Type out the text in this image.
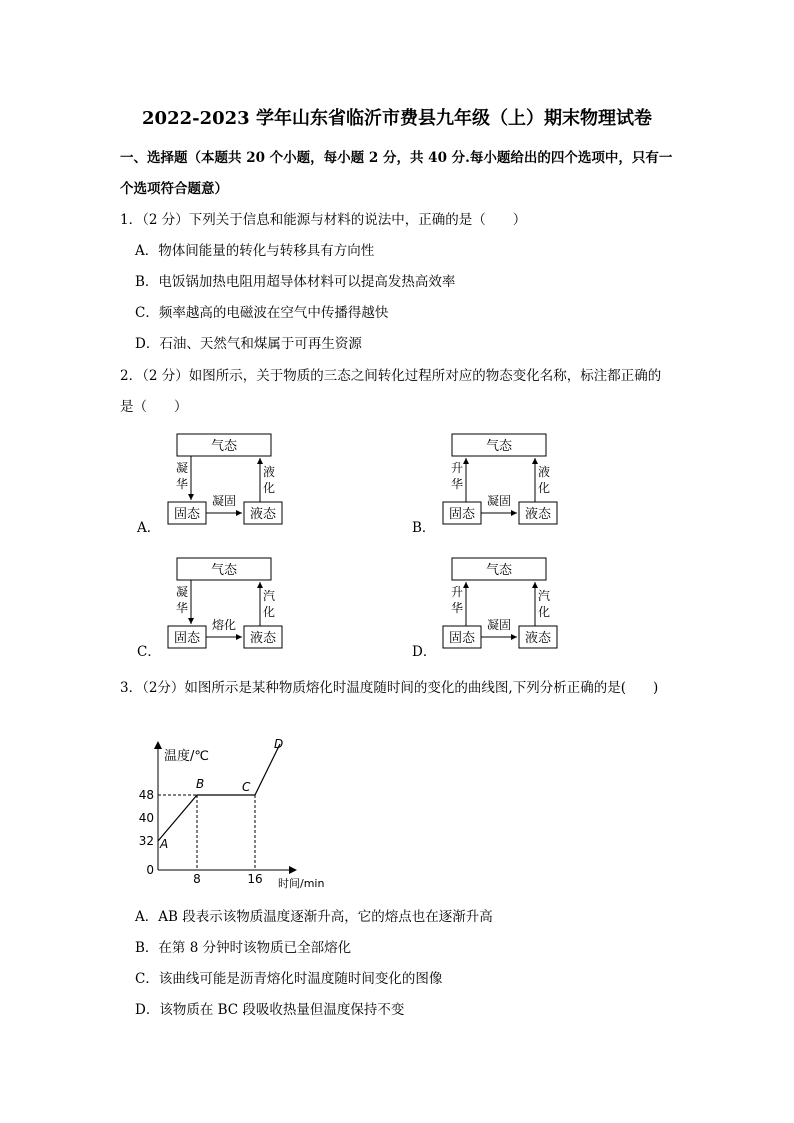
2022-2023 学年山东省临沂市费县九年级（上）期末物理试卷
一、选择题（本题共 20 个小题，每小题 2 分，共 40 分.每小题给出的四个选项中，只有一
个选项符合题意）
1．（2 分）下列关于信息和能源与材料的说法中，正确的是（　　）
A．物体间能量的转化与转移具有方向性
B．电饭锅加热电阻用超导体材料可以提高发热高效率
C．频率越高的电磁波在空气中传播得越快
D．石油、天然气和煤属于可再生资源
2．（2 分）如图所示，关于物质的三态之间转化过程所对应的物态变化名称，标注都正确的
是（　　）
A．
气态
固态	液态
凝
华
液
化
凝固
B．
气态
固态	液态
升
华
液
化
凝固
C．
气态
固态	液态
凝
华
汽
化
熔化
D．
气态
固态	液态
升
华
汽
化
凝固
3．（2分）如图所示是某种物质熔化时温度随时间的变化的曲线图,下列分析正确的是(　　)
温度/℃
时间/min
48
40
32
0
8	16
A
B	C
D
A．AB 段表示该物质温度逐渐升高，它的熔点也在逐渐升高
B．在第 8 分钟时该物质已全部熔化
C．该曲线可能是沥青熔化时温度随时间变化的图像
D．该物质在 BC 段吸收热量但温度保持不变
